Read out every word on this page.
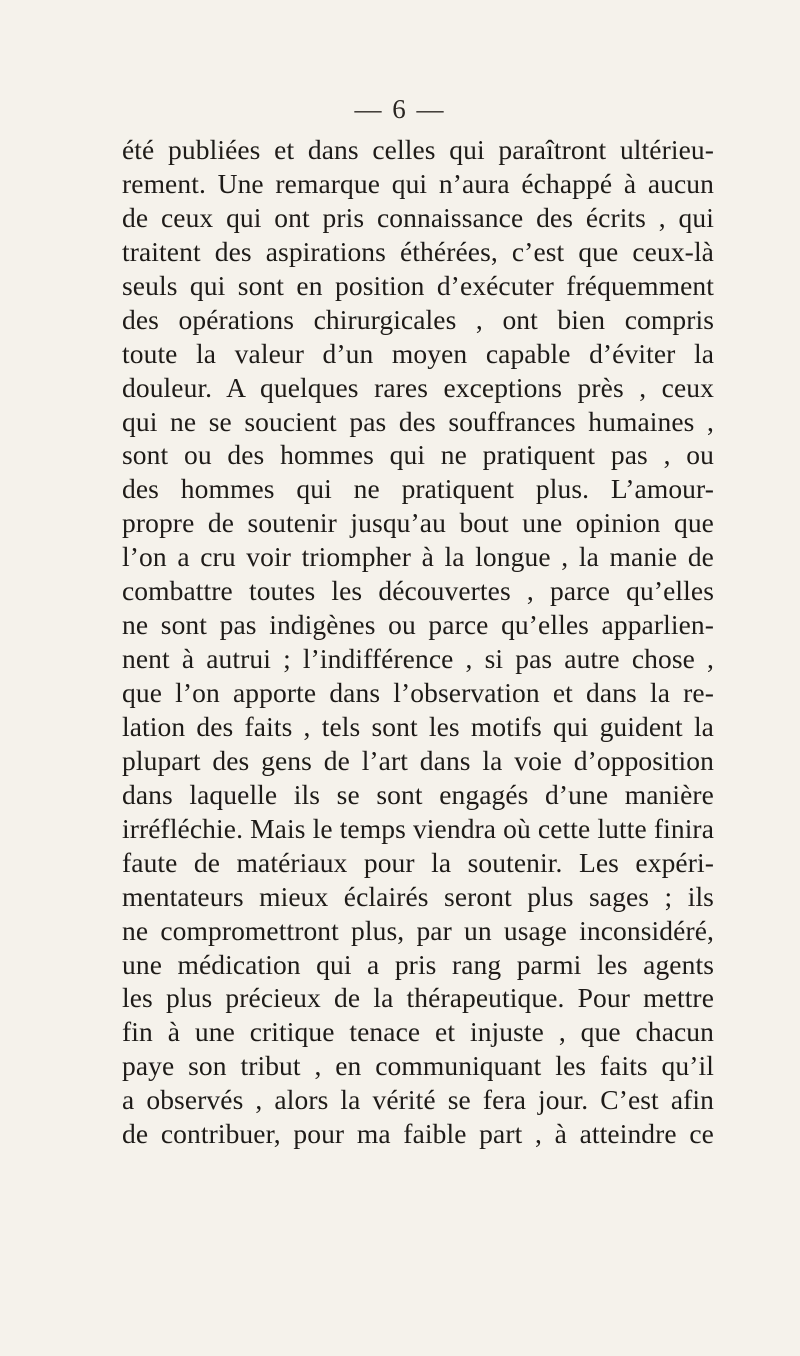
— 6 —
été publiées et dans celles qui paraîtront ultérieu-
rement. Une remarque qui n’aura échappé à aucun
de ceux qui ont pris connaissance des écrits , qui
traitent des aspirations éthérées, c’est que ceux-là
seuls qui sont en position d’exécuter fréquemment
des opérations chirurgicales , ont bien compris
toute la valeur d’un moyen capable d’éviter la
douleur. A quelques rares exceptions près , ceux
qui ne se soucient pas des souffrances humaines ,
sont ou des hommes qui ne pratiquent pas , ou
des hommes qui ne pratiquent plus. L’amour-
propre de soutenir jusqu’au bout une opinion que
l’on a cru voir triompher à la longue , la manie de
combattre toutes les découvertes , parce qu’elles
ne sont pas indigènes ou parce qu’elles apparlien-
nent à autrui ; l’indifférence , si pas autre chose ,
que l’on apporte dans l’observation et dans la re-
lation des faits , tels sont les motifs qui guident la
plupart des gens de l’art dans la voie d’opposition
dans laquelle ils se sont engagés d’une manière
irréfléchie. Mais le temps viendra où cette lutte finira
faute de matériaux pour la soutenir. Les expéri-
mentateurs mieux éclairés seront plus sages ; ils
ne compromettront plus, par un usage inconsidéré,
une médication qui a pris rang parmi les agents
les plus précieux de la thérapeutique. Pour mettre
fin à une critique tenace et injuste , que chacun
paye son tribut , en communiquant les faits qu’il
a observés , alors la vérité se fera jour. C’est afin
de contribuer, pour ma faible part , à atteindre ce
